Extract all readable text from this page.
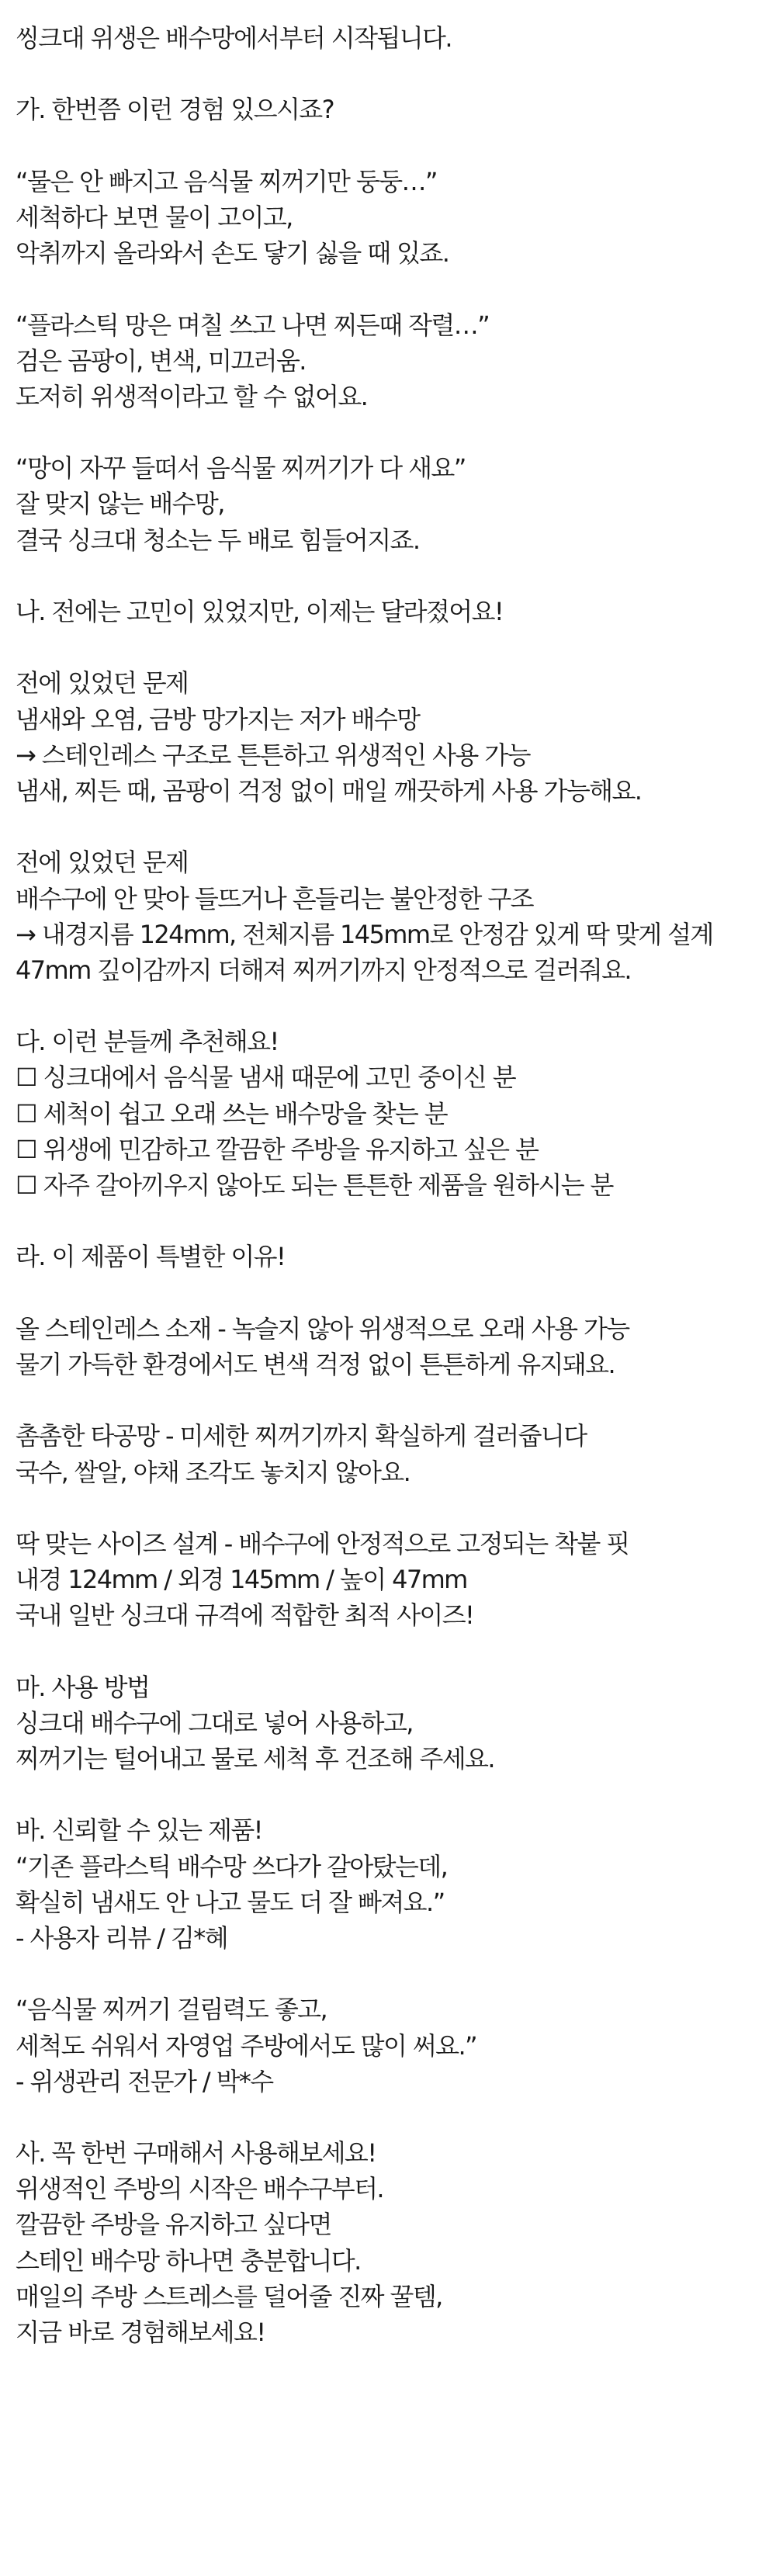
씽크대 위생은 배수망에서부터 시작됩니다.
가. 한번쯤 이런 경험 있으시죠?
“물은 안 빠지고 음식물 찌꺼기만 둥둥…”
세척하다 보면 물이 고이고,
악취까지 올라와서 손도 닿기 싫을 때 있죠.
“플라스틱 망은 며칠 쓰고 나면 찌든때 작렬…”
검은 곰팡이, 변색, 미끄러움.
도저히 위생적이라고 할 수 없어요.
“망이 자꾸 들떠서 음식물 찌꺼기가 다 새요”
잘 맞지 않는 배수망,
결국 싱크대 청소는 두 배로 힘들어지죠.
나. 전에는 고민이 있었지만, 이제는 달라졌어요!
전에 있었던 문제
냄새와 오염, 금방 망가지는 저가 배수망
→ 스테인레스 구조로 튼튼하고 위생적인 사용 가능
냄새, 찌든 때, 곰팡이 걱정 없이 매일 깨끗하게 사용 가능해요.
전에 있었던 문제
배수구에 안 맞아 들뜨거나 흔들리는 불안정한 구조
→ 내경지름 124mm, 전체지름 145mm로 안정감 있게 딱 맞게 설계
47mm 깊이감까지 더해져 찌꺼기까지 안정적으로 걸러줘요.
다. 이런 분들께 추천해요!
☐ 싱크대에서 음식물 냄새 때문에 고민 중이신 분
☐ 세척이 쉽고 오래 쓰는 배수망을 찾는 분
☐ 위생에 민감하고 깔끔한 주방을 유지하고 싶은 분
☐ 자주 갈아끼우지 않아도 되는 튼튼한 제품을 원하시는 분
라. 이 제품이 특별한 이유!
올 스테인레스 소재 - 녹슬지 않아 위생적으로 오래 사용 가능
물기 가득한 환경에서도 변색 걱정 없이 튼튼하게 유지돼요.
촘촘한 타공망 - 미세한 찌꺼기까지 확실하게 걸러줍니다
국수, 쌀알, 야채 조각도 놓치지 않아요.
딱 맞는 사이즈 설계 - 배수구에 안정적으로 고정되는 착붙 핏
내경 124mm / 외경 145mm / 높이 47mm
국내 일반 싱크대 규격에 적합한 최적 사이즈!
마. 사용 방법
싱크대 배수구에 그대로 넣어 사용하고,
찌꺼기는 털어내고 물로 세척 후 건조해 주세요.
바. 신뢰할 수 있는 제품!
“기존 플라스틱 배수망 쓰다가 갈아탔는데,
확실히 냄새도 안 나고 물도 더 잘 빠져요.”
- 사용자 리뷰 / 김*혜
“음식물 찌꺼기 걸림력도 좋고,
세척도 쉬워서 자영업 주방에서도 많이 써요.”
- 위생관리 전문가 / 박*수
사. 꼭 한번 구매해서 사용해보세요!
위생적인 주방의 시작은 배수구부터.
깔끔한 주방을 유지하고 싶다면
스테인 배수망 하나면 충분합니다.
매일의 주방 스트레스를 덜어줄 진짜 꿀템,
지금 바로 경험해보세요!
